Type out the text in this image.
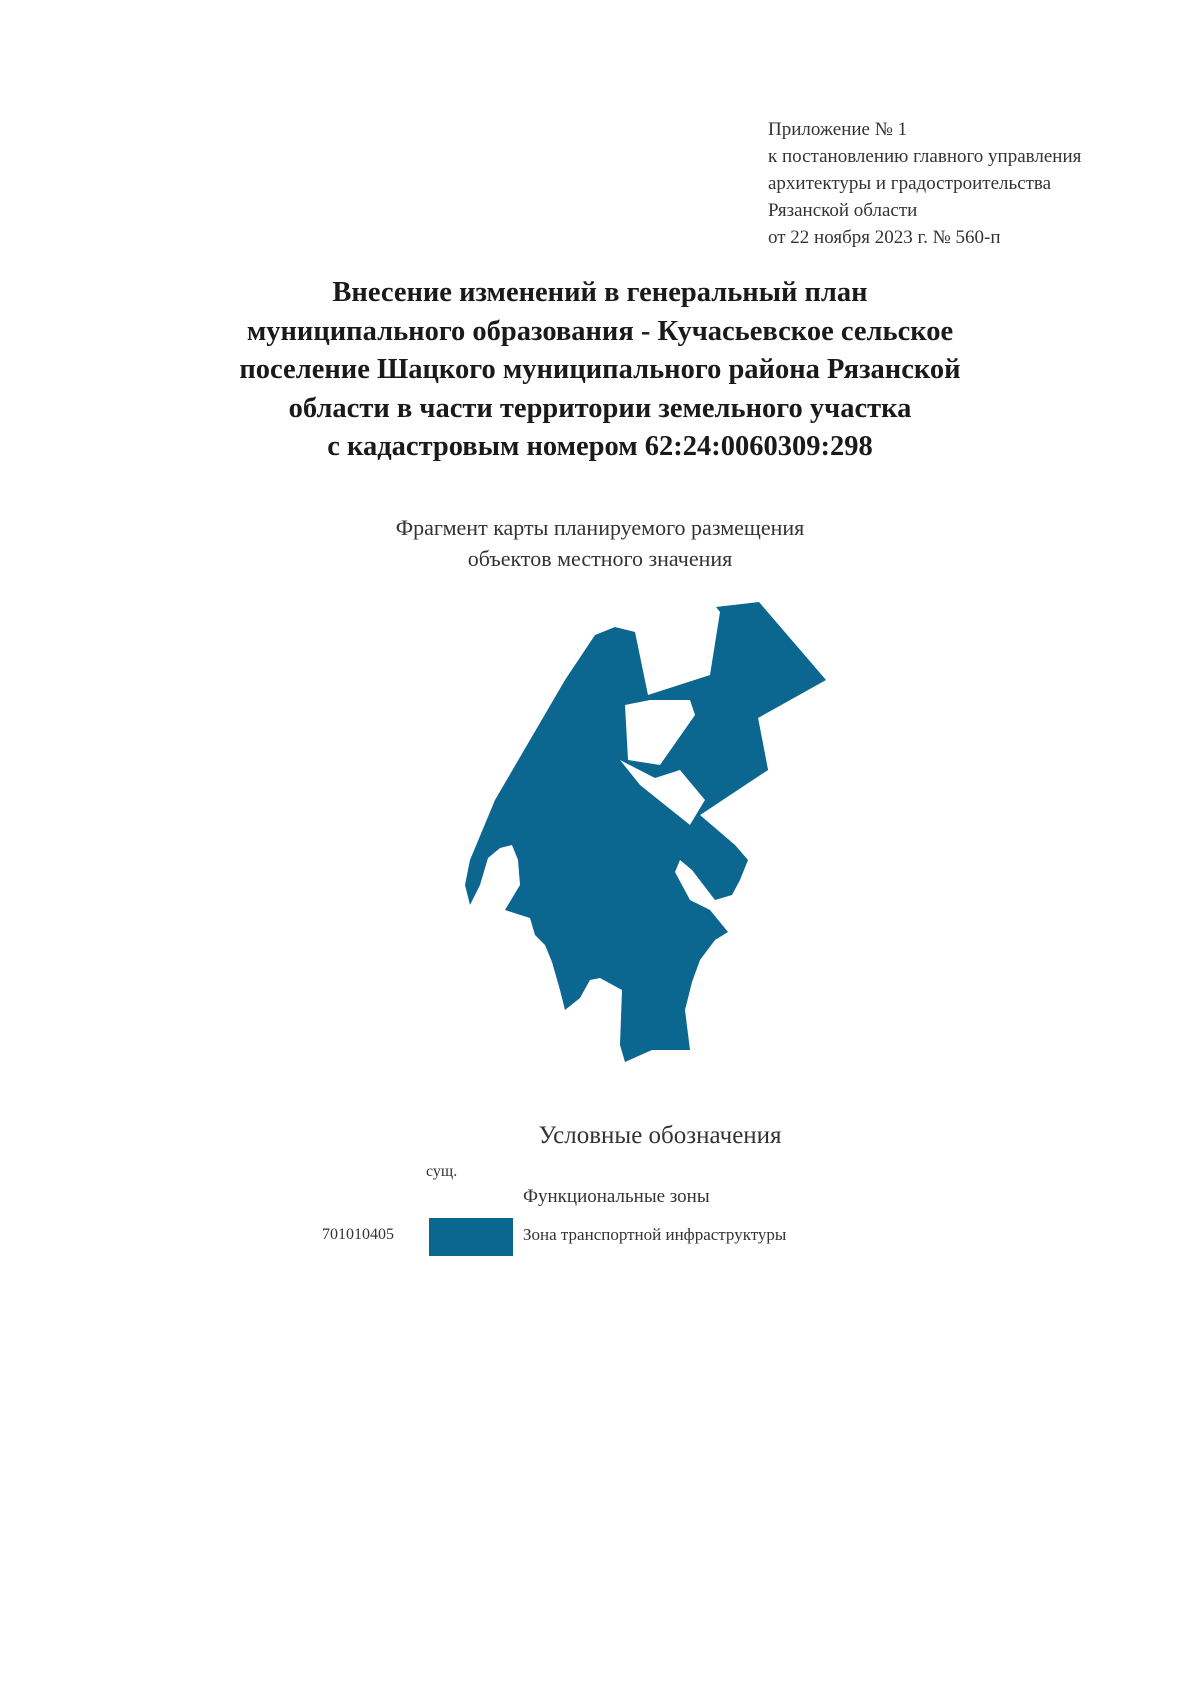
Приложение № 1
к постановлению главного управления
архитектуры и градостроительства
Рязанской области
от 22 ноября 2023 г. № 560-п
Внесение изменений в генеральный план
муниципального образования - Кучасьевское сельское
поселение Шацкого муниципального района Рязанской
области в части территории земельного участка
с кадастровым номером 62:24:0060309:298
Фрагмент карты планируемого размещения
объектов местного значения
Условные обозначения
сущ.
Функциональные зоны
701010405	Зона транспортной инфраструктуры
